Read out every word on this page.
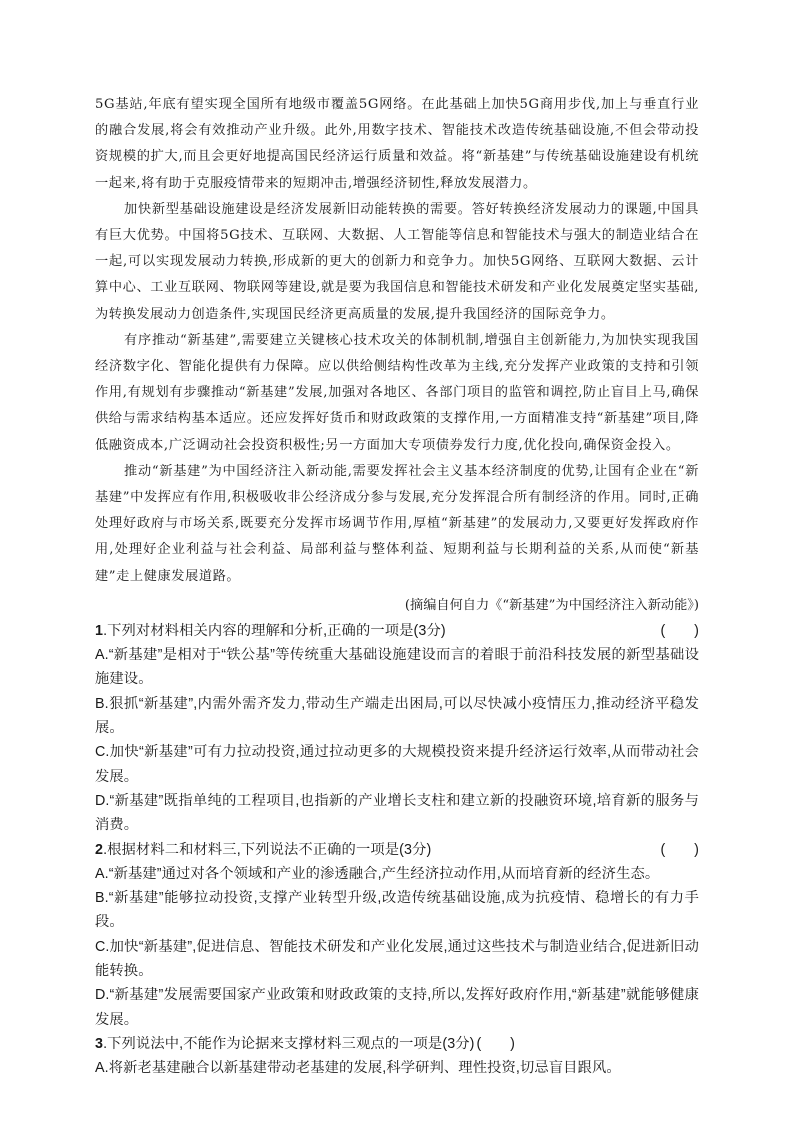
5G基站,年底有望实现全国所有地级市覆盖5G网络。在此基础上加快5G商用步伐,加上与垂直行业的融合发展,将会有效推动产业升级。此外,用数字技术、智能技术改造传统基础设施,不但会带动投资规模的扩大,而且会更好地提高国民经济运行质量和效益。将“新基建”与传统基础设施建设有机统一起来,将有助于克服疫情带来的短期冲击,增强经济韧性,释放发展潜力。

加快新型基础设施建设是经济发展新旧动能转换的需要。答好转换经济发展动力的课题,中国具有巨大优势。中国将5G技术、互联网、大数据、人工智能等信息和智能技术与强大的制造业结合在一起,可以实现发展动力转换,形成新的更大的创新力和竞争力。加快5G网络、互联网大数据、云计算中心、工业互联网、物联网等建设,就是要为我国信息和智能技术研发和产业化发展奠定坚实基础,为转换发展动力创造条件,实现国民经济更高质量的发展,提升我国经济的国际竞争力。

有序推动“新基建”,需要建立关键核心技术攻关的体制机制,增强自主创新能力,为加快实现我国经济数字化、智能化提供有力保障。应以供给侧结构性改革为主线,充分发挥产业政策的支持和引领作用,有规划有步骤推动“新基建”发展,加强对各地区、各部门项目的监管和调控,防止盲目上马,确保供给与需求结构基本适应。还应发挥好货币和财政政策的支撑作用,一方面精准支持“新基建”项目,降低融资成本,广泛调动社会投资积极性;另一方面加大专项债券发行力度,优化投向,确保资金投入。

推动“新基建”为中国经济注入新动能,需要发挥社会主义基本经济制度的优势,让国有企业在“新基建”中发挥应有作用,积极吸收非公经济成分参与发展,充分发挥混合所有制经济的作用。同时,正确处理好政府与市场关系,既要充分发挥市场调节作用,厚植“新基建”的发展动力,又要更好发挥政府作用,处理好企业利益与社会利益、局部利益与整体利益、短期利益与长期利益的关系,从而使“新基建”走上健康发展道路。

(摘编自何自力《“新基建”为中国经济注入新动能》)

1.下列对材料相关内容的理解和分析,正确的一项是(3分)	(　　)

A.“新基建”是相对于“铁公基”等传统重大基础设施建设而言的着眼于前沿科技发展的新型基础设施建设。

B.狠抓“新基建”,内需外需齐发力,带动生产端走出困局,可以尽快减小疫情压力,推动经济平稳发展。

C.加快“新基建”可有力拉动投资,通过拉动更多的大规模投资来提升经济运行效率,从而带动社会发展。

D.“新基建”既指单纯的工程项目,也指新的产业增长支柱和建立新的投融资环境,培育新的服务与消费。

2.根据材料二和材料三,下列说法不正确的一项是(3分)	(　　)

A.“新基建”通过对各个领域和产业的渗透融合,产生经济拉动作用,从而培育新的经济生态。

B.“新基建”能够拉动投资,支撑产业转型升级,改造传统基础设施,成为抗疫情、稳增长的有力手段。

C.加快“新基建”,促进信息、智能技术研发和产业化发展,通过这些技术与制造业结合,促进新旧动能转换。

D.“新基建”发展需要国家产业政策和财政政策的支持,所以,发挥好政府作用,“新基建”就能够健康发展。

3.下列说法中,不能作为论据来支撑材料三观点的一项是(3分) (　　)

A.将新老基建融合以新基建带动老基建的发展,科学研判、理性投资,切忌盲目跟风。
